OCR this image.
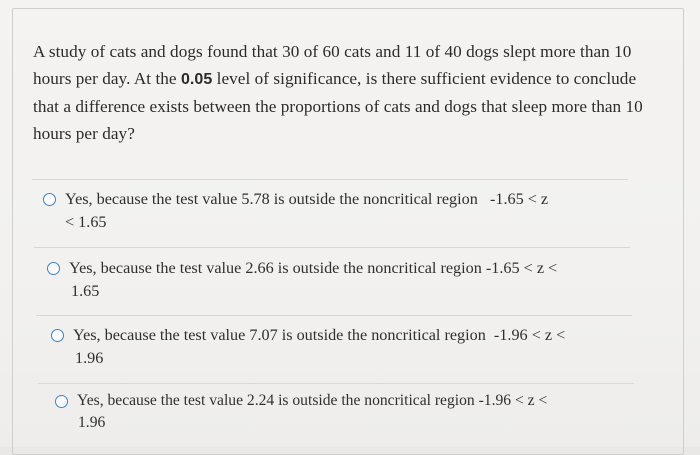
A study of cats and dogs found that 30 of 60 cats and 11 of 40 dogs slept more than 10 hours per day. At the 0.05 level of significance, is there sufficient evidence to conclude that a difference exists between the proportions of cats and dogs that sleep more than 10 hours per day?
Yes, because the test value 5.78 is outside the noncritical region   -1.65 < z
< 1.65
Yes, because the test value 2.66 is outside the noncritical region -1.65 < z <
1.65
Yes, because the test value 7.07 is outside the noncritical region  -1.96 < z <
1.96
Yes, because the test value 2.24 is outside the noncritical region -1.96 < z <
1.96
